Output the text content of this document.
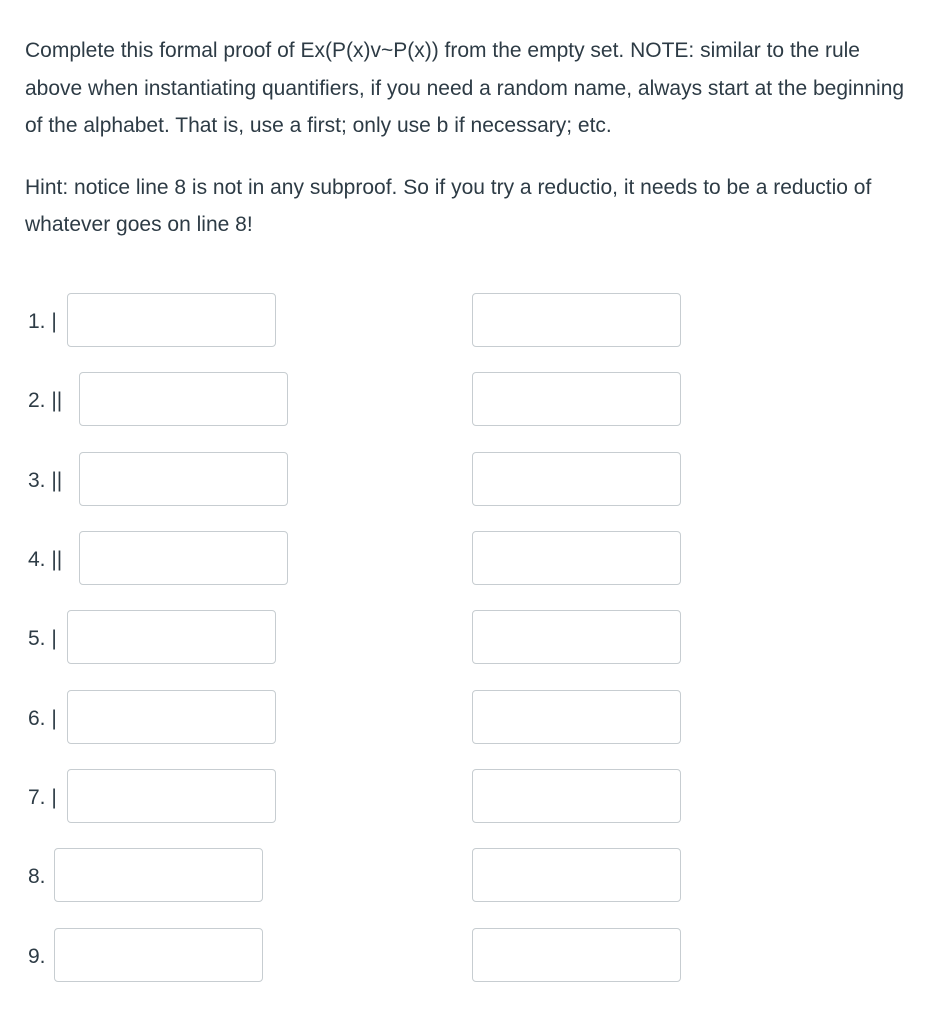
Complete this formal proof of Ex(P(x)v~P(x)) from the empty set. NOTE: similar to the rule above when instantiating quantifiers, if you need a random name, always start at the beginning of the alphabet. That is, use a first; only use b if necessary; etc.

Hint: notice line 8 is not in any subproof. So if you try a reductio, it needs to be a reductio of whatever goes on line 8!

1. |
2. ||
3. ||
4. ||
5. |
6. |
7. |
8.
9.
